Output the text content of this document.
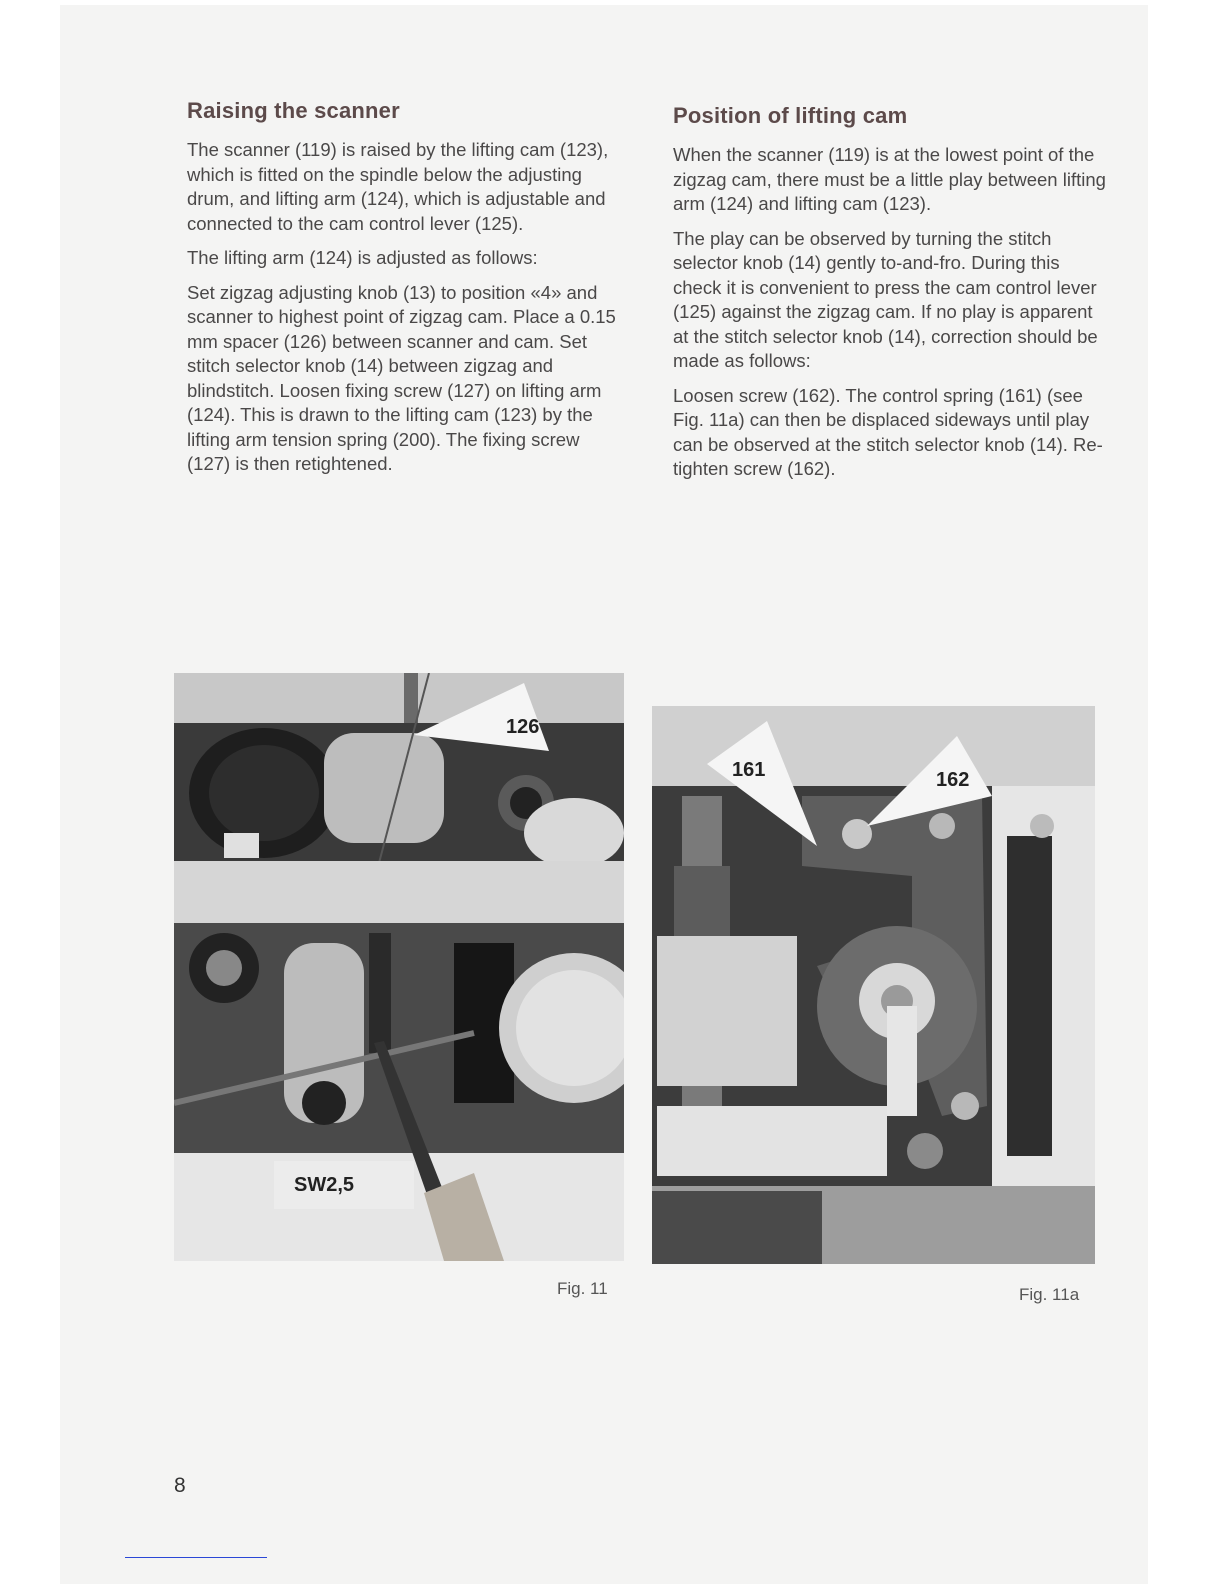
Raising the scanner

The scanner (119) is raised by the lifting cam (123), which is fitted on the spindle below the adjusting drum, and lifting arm (124), which is adjustable and connected to the cam control lever (125).

The lifting arm (124) is adjusted as follows:

Set zigzag adjusting knob (13) to position «4» and scanner to highest point of zigzag cam. Place a 0.15 mm spacer (126) between scanner and cam. Set stitch selector knob (14) between zigzag and blindstitch. Loosen fixing screw (127) on lifting arm (124). This is drawn to the lifting cam (123) by the lifting arm tension spring (200). The fixing screw (127) is then retightened.

Position of lifting cam

When the scanner (119) is at the lowest point of the zigzag cam, there must be a little play between lifting arm (124) and lifting cam (123).

The play can be observed by turning the stitch selector knob (14) gently to-and-fro. During this check it is convenient to press the cam control lever (125) against the zigzag cam. If no play is apparent at the stitch selector knob (14), correction should be made as follows:

Loosen screw (162). The control spring (161) (see Fig. 11a) can then be displaced sideways until play can be observed at the stitch selector knob (14). Re-tighten screw (162).

126
SW2,5
161	162
Fig. 11	Fig. 11a
8
